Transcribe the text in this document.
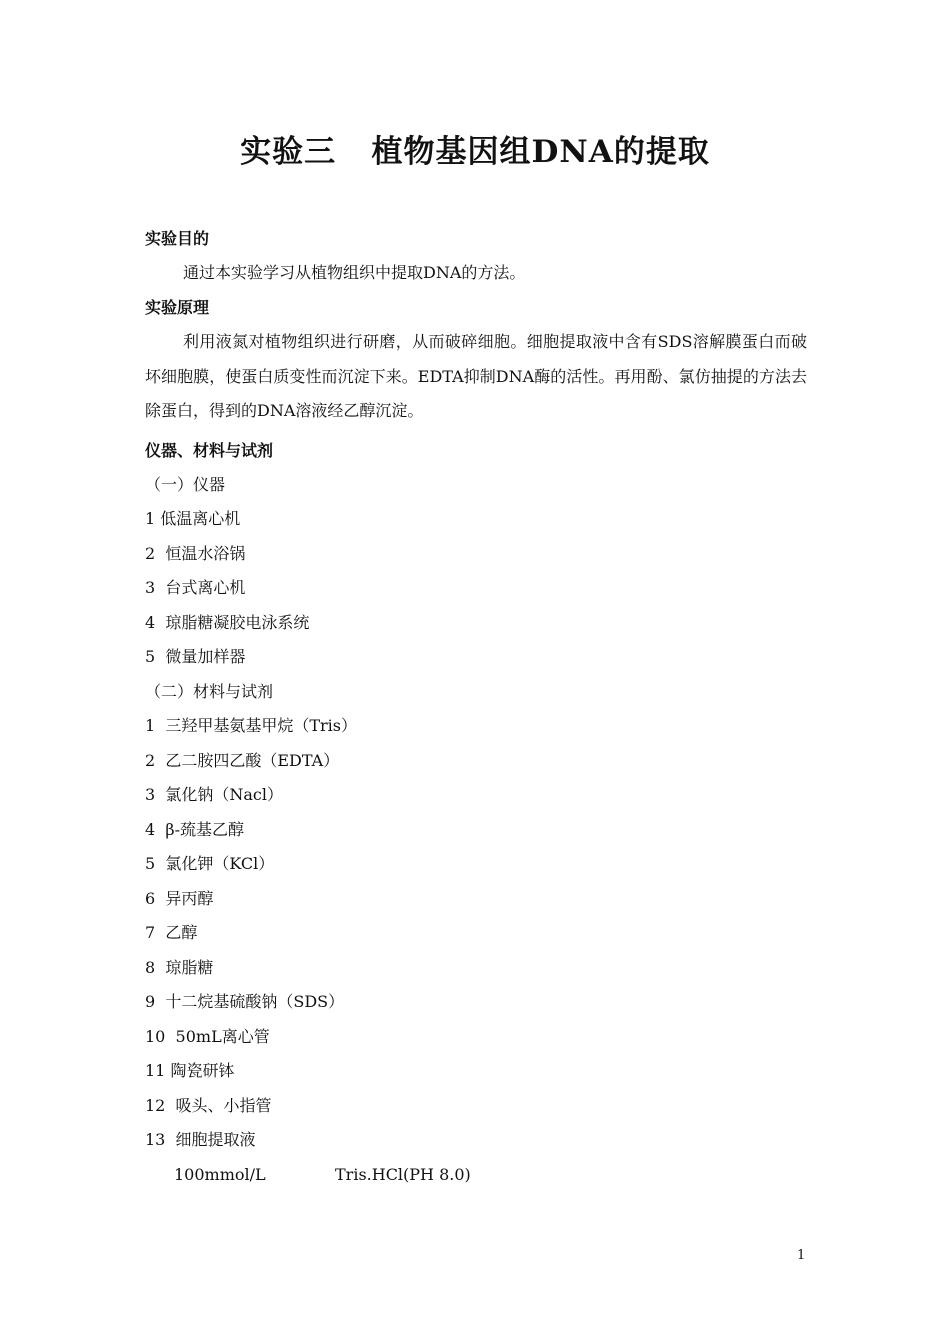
实验三   植物基因组DNA的提取
实验目的
通过本实验学习从植物组织中提取DNA的方法。
实验原理
利用液氮对植物组织进行研磨，从而破碎细胞。细胞提取液中含有SDS溶解膜蛋白而破坏细胞膜，使蛋白质变性而沉淀下来。EDTA抑制DNA酶的活性。再用酚、氯仿抽提的方法去除蛋白，得到的DNA溶液经乙醇沉淀。
仪器、材料与试剂
（一）仪器
1 低温离心机
2  恒温水浴锅
3  台式离心机
4  琼脂糖凝胶电泳系统
5  微量加样器
（二）材料与试剂
1  三羟甲基氨基甲烷（Tris）
2  乙二胺四乙酸（EDTA）
3  氯化钠（Nacl）
4  β-巯基乙醇
5  氯化钾（KCl）
6  异丙醇
7  乙醇
8  琼脂糖
9  十二烷基硫酸钠（SDS）
10  50mL离心管
11 陶瓷研钵
12  吸头、小指管
13  细胞提取液
100mmol/L	Tris.HCl(PH 8.0)
1
